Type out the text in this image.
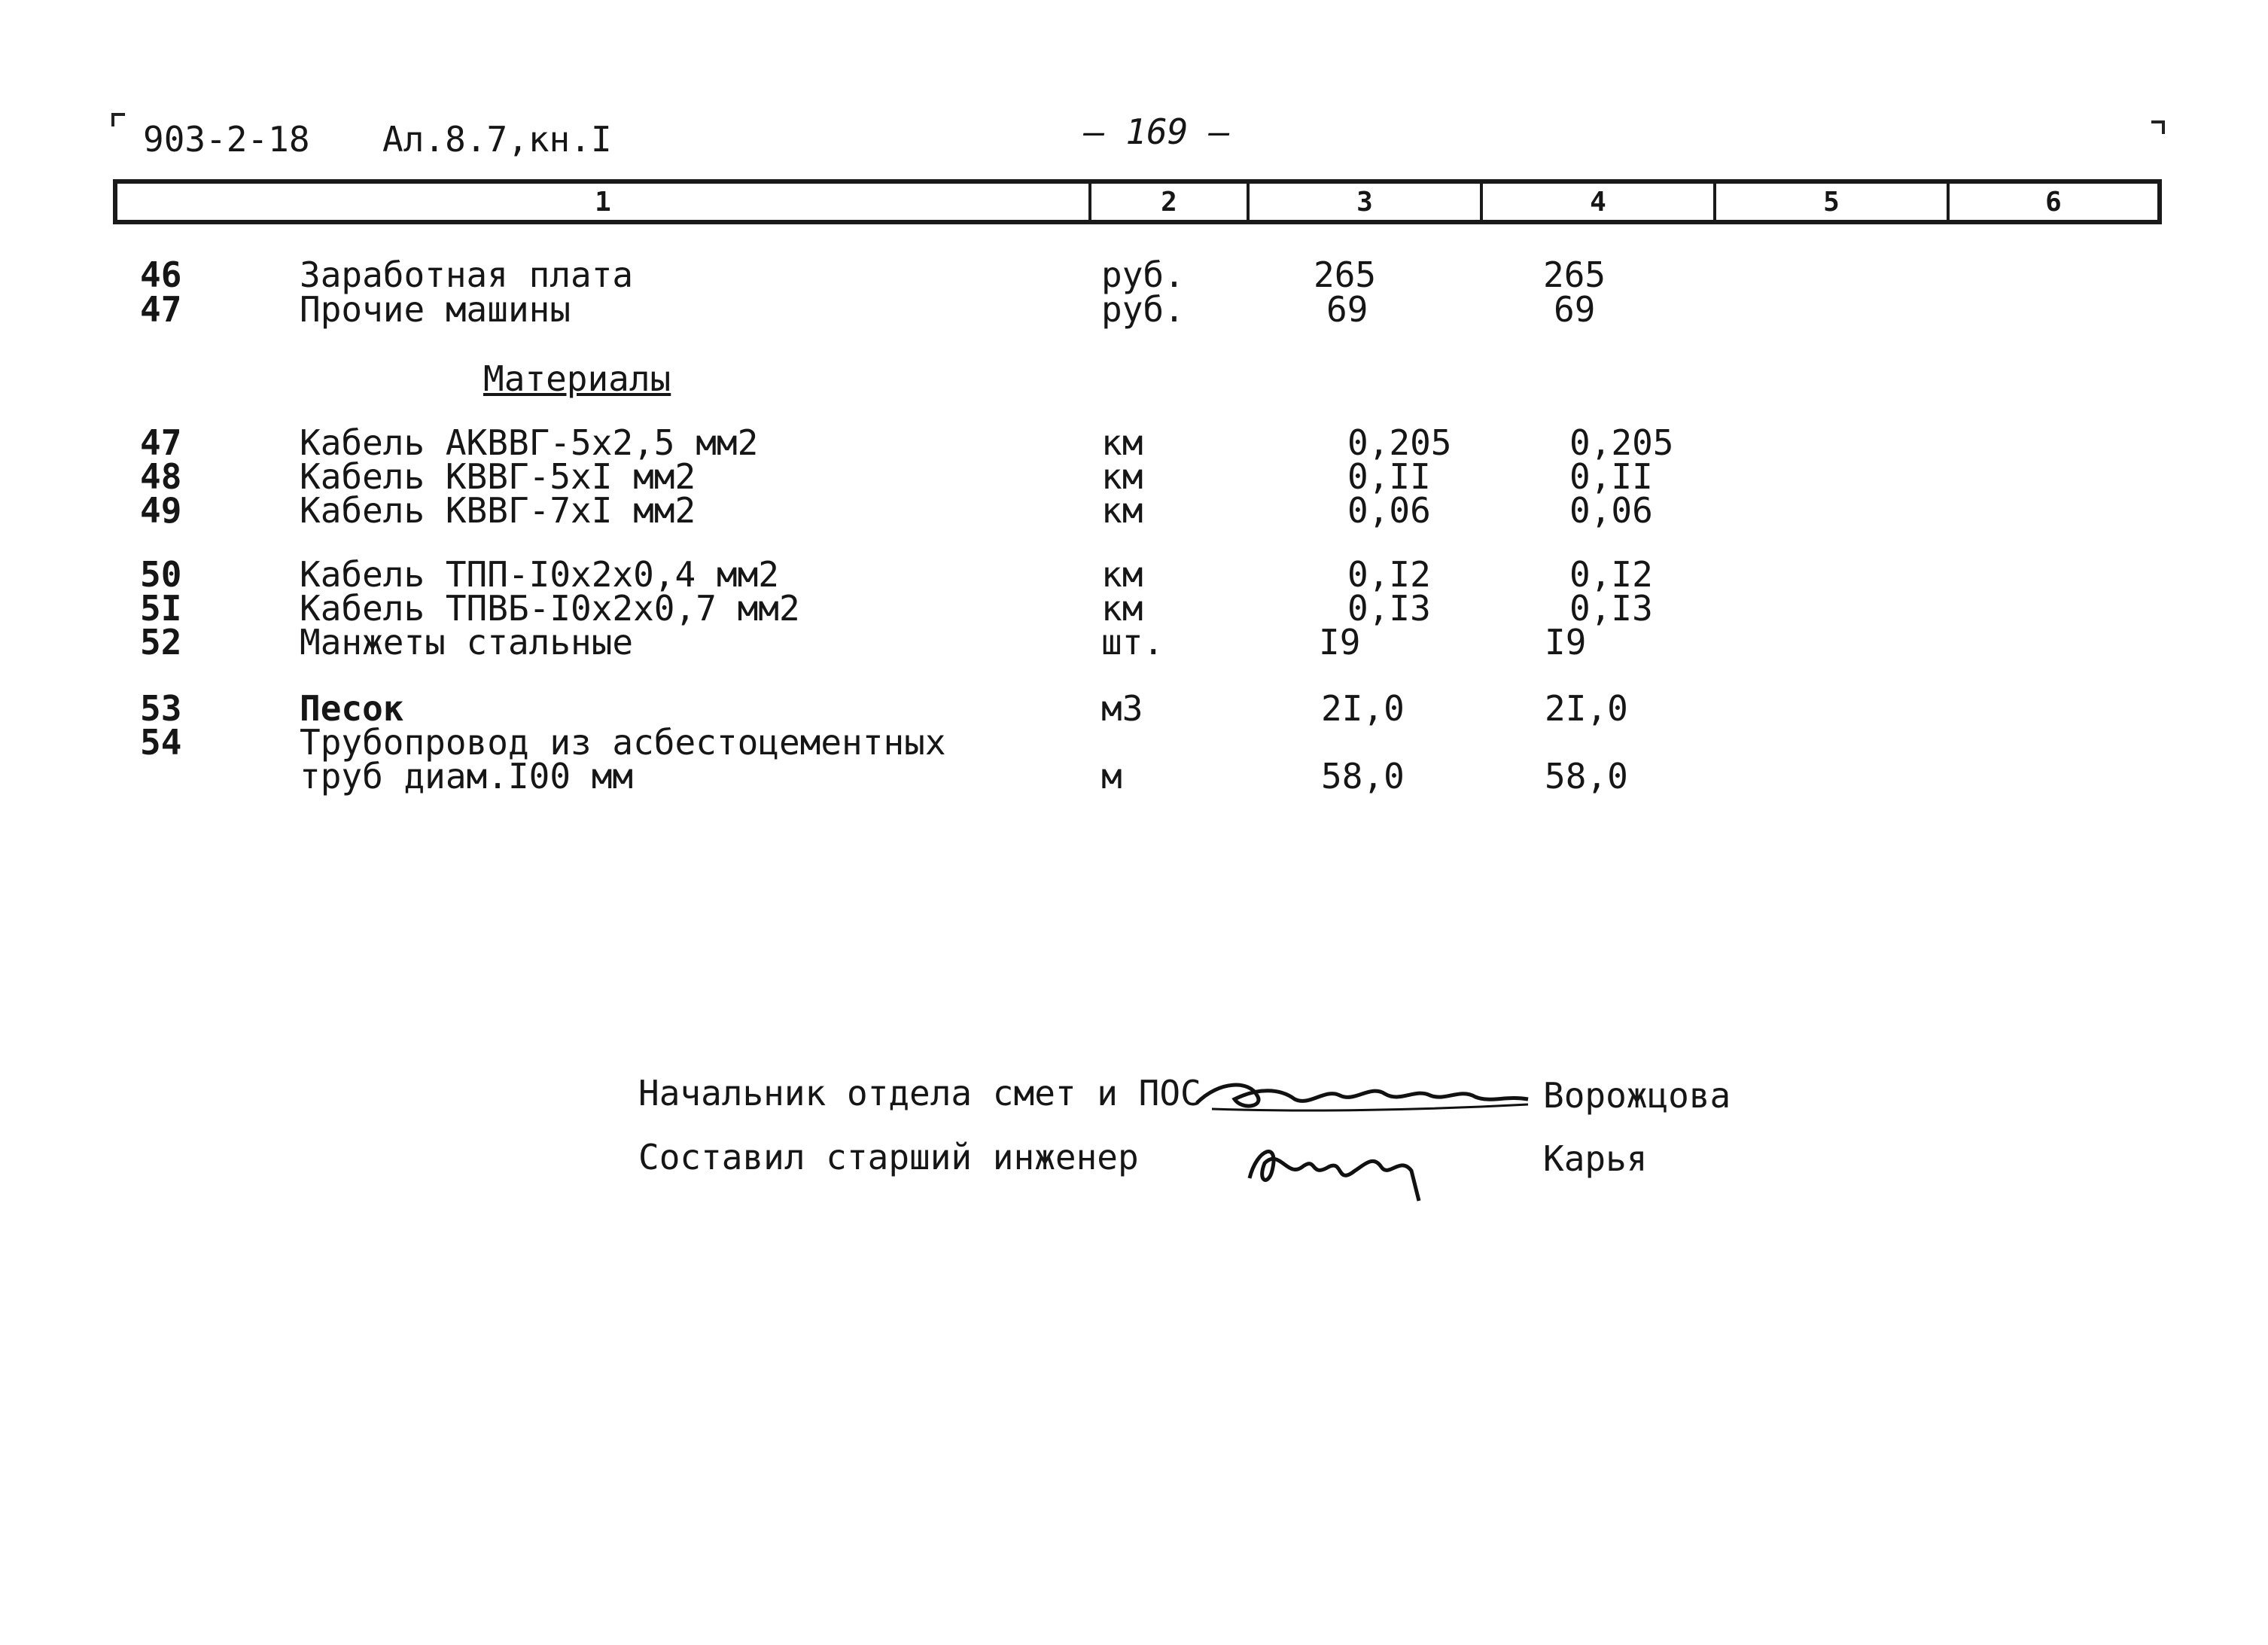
903-2-18 Ал.8.7,кн.I	— 169 —
1	2	3	4	5	6
46	Заработная плата	руб.	265	265
47	Прочие машины	руб.	69	69
Материалы
47	Кабель АКВВГ-5х2,5 мм2	км	0,205	0,205
48	Кабель КВВГ-5хI мм2	км	0,II	0,II
49	Кабель КВВГ-7хI мм2	км	0,06	0,06
50	Кабель ТПП-I0х2х0,4 мм2	км	0,I2	0,I2
5I	Кабель ТПВБ-I0х2х0,7 мм2	км	0,I3	0,I3
52	Манжеты стальные	шт.	I9	I9
53	Песок	м3	2I,0	2I,0
54	Трубопровод из асбестоцементных
труб диам.I00 мм	м	58,0	58,0
Начальник отдела смет и ПОС	Ворожцова
Составил старший инженер	Карья
